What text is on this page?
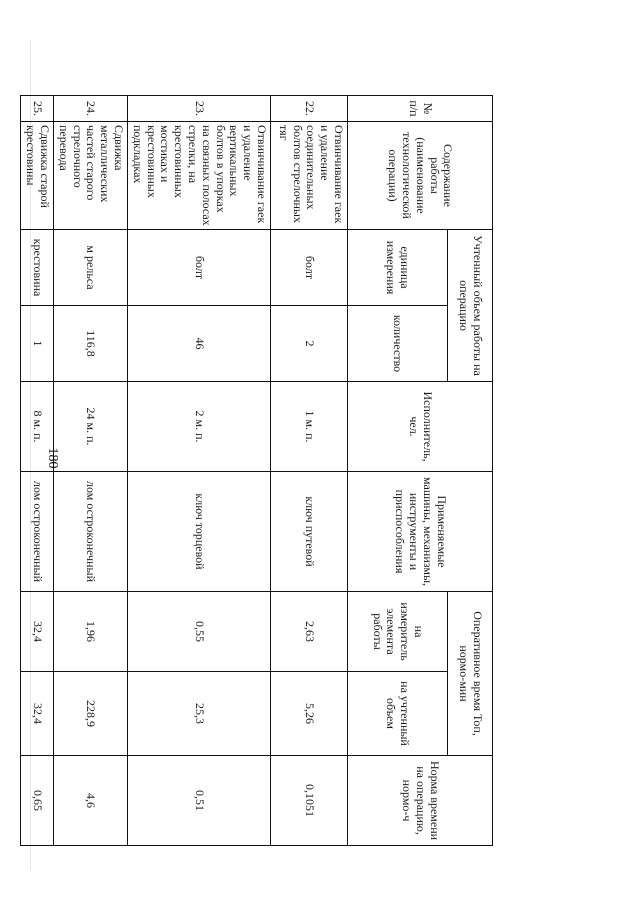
180
№ п/п	Содержание работы (наименование технологической операции)	Учтенный объем работы на операцию		Исполнитель, чел.	Применяемые машины, механизмы, инструменты и приспособления	Оперативное время Топ, нормо-мин		Норма времени на операцию, нормо-ч
		единица измерения	количество			на измеритель элемента работы	на учтенный объем	
22.	Отвинчивание гаек и удаление соединительных болтов стрелочных тяг	болт	2	1 м. п.	ключ путевой	2,63	5,26	0,1051
23.	Отвинчивание гаек и удаление вертикальных болтов в упорках на связных полосах стрелки, на крестовинных мостиках и крестовинных подкладках	болт	46	2 м. п.	ключ торцевой	0,55	25,3	0,51
24.	Сдвижка металлических частей старого стрелочного перевода	м рельса	116,8	24 м. п.	лом остроконечный	1,96	228,9	4,6
25.	Сдвижка старой крестовины	крестовина	1	8 м. п.	лом остроконечный	32,4	32,4	0,65
